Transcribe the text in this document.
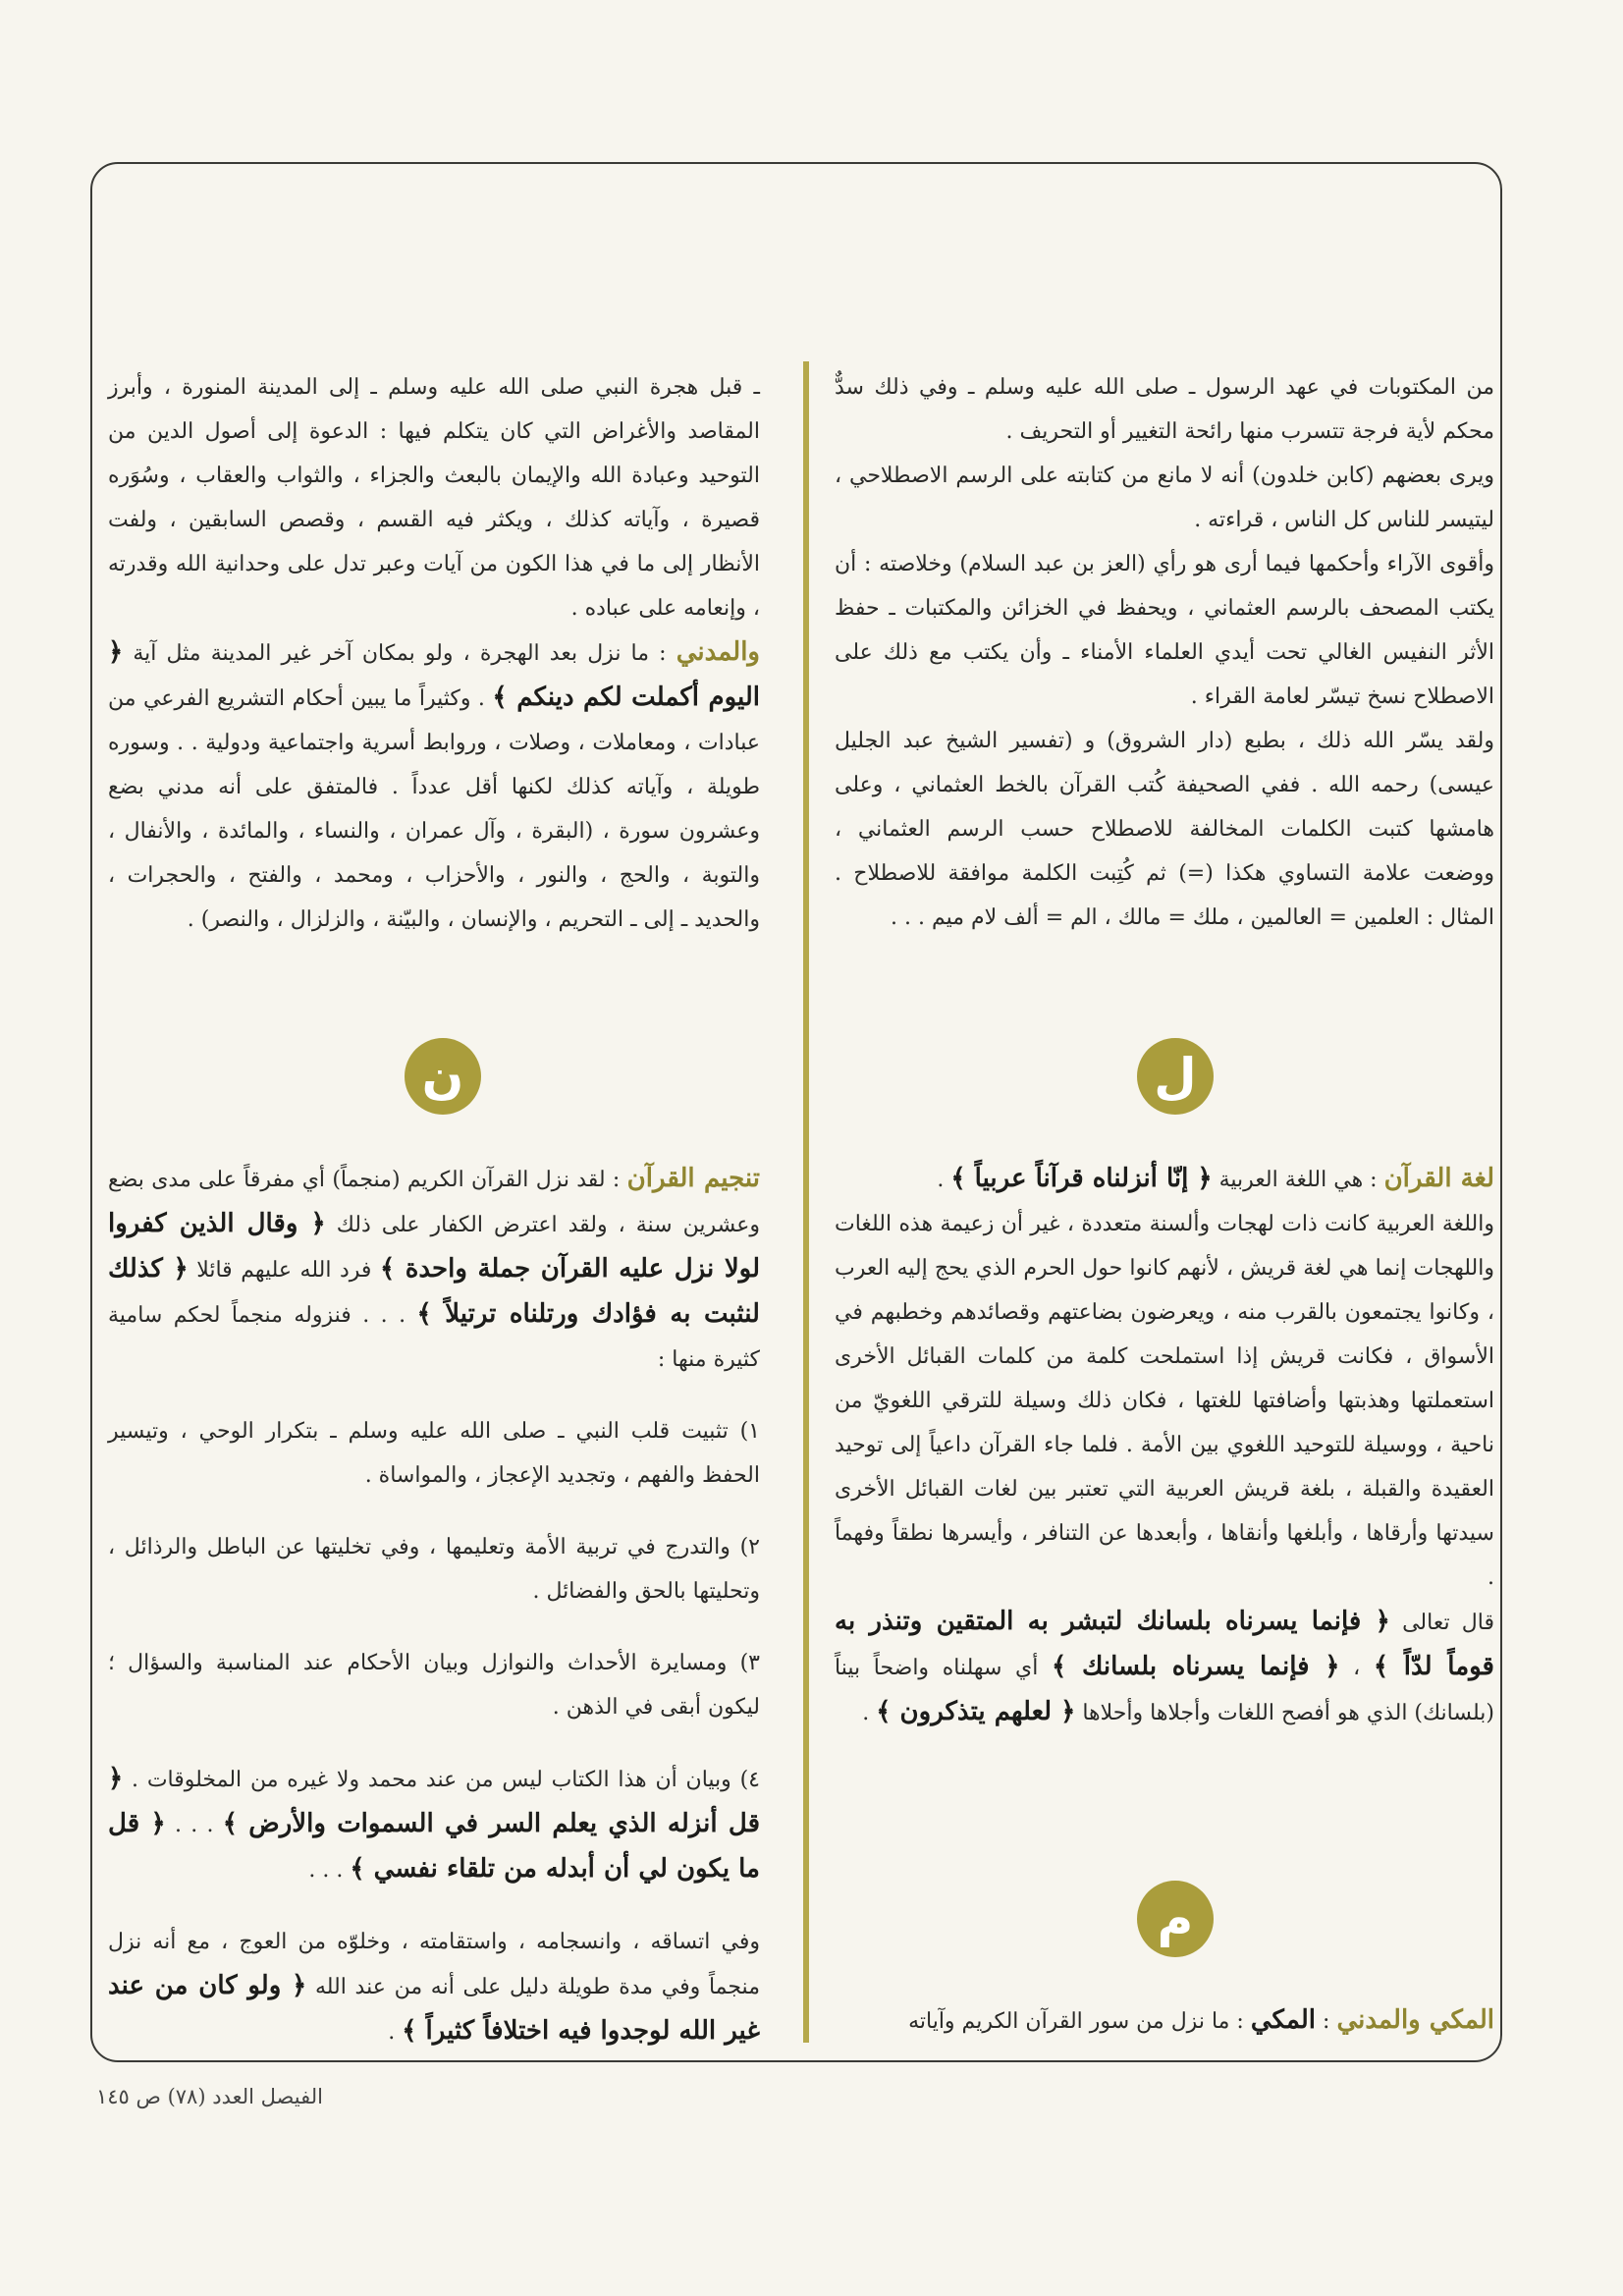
من المكتوبات في عهد الرسول ـ صلى الله عليه وسلم ـ وفي ذلك سدٌّ محكم لأية فرجة تتسرب منها رائحة التغيير أو التحريف .

ويرى بعضهم (كابن خلدون) أنه لا مانع من كتابته على الرسم الاصطلاحي ، ليتيسر للناس كل الناس ، قراءته .

وأقوى الآراء وأحكمها فيما أرى هو رأي (العز بن عبد السلام) وخلاصته : أن يكتب المصحف بالرسم العثماني ، ويحفظ في الخزائن والمكتبات ـ حفظ الأثر النفيس الغالي تحت أيدي العلماء الأمناء ـ وأن يكتب مع ذلك على الاصطلاح نسخ تيسّر لعامة القراء .

ولقد يسّر الله ذلك ، بطبع (دار الشروق) و (تفسير الشيخ عبد الجليل عيسى) رحمه الله . ففي الصحيفة كُتب القرآن بالخط العثماني ، وعلى هامشها كتبت الكلمات المخالفة للاصطلاح حسب الرسم العثماني ، ووضعت علامة التساوي هكذا (=) ثم كُتِبت الكلمة موافقة للاصطلاح . المثال : العلمين = العالمين ، ملك = مالك ، الم = ألف لام ميم . . .

ـ قبل هجرة النبي صلى الله عليه وسلم ـ إلى المدينة المنورة ، وأبرز المقاصد والأغراض التي كان يتكلم فيها : الدعوة إلى أصول الدين من التوحيد وعبادة الله والإيمان بالبعث والجزاء ، والثواب والعقاب ، وسُوَره قصيرة ، وآياته كذلك ، ويكثر فيه القسم ، وقصص السابقين ، ولفت الأنظار إلى ما في هذا الكون من آيات وعبر تدل على وحدانية الله وقدرته ، وإنعامه على عباده .

والمدني : ما نزل بعد الهجرة ، ولو بمكان آخر غير المدينة مثل آية ﴿ اليوم أكملت لكم دينكم ﴾ . وكثيراً ما يبين أحكام التشريع الفرعي من عبادات ، ومعاملات ، وصلات ، وروابط أسرية واجتماعية ودولية . . وسوره طويلة ، وآياته كذلك لكنها أقل عدداً . فالمتفق على أنه مدني بضع وعشرون سورة ، (البقرة ، وآل عمران ، والنساء ، والمائدة ، والأنفال ، والتوبة ، والحج ، والنور ، والأحزاب ، ومحمد ، والفتح ، والحجرات ، والحديد ـ إلى ـ التحريم ، والإنسان ، والبيّنة ، والزلزال ، والنصر) .

ل
ن
م

لغة القرآن : هي اللغة العربية ﴿ إنّا أنزلناه قرآناً عربياً ﴾ .

واللغة العربية كانت ذات لهجات وألسنة متعددة ، غير أن زعيمة هذه اللغات واللهجات إنما هي لغة قريش ، لأنهم كانوا حول الحرم الذي يحج إليه العرب ، وكانوا يجتمعون بالقرب منه ، ويعرضون بضاعتهم وقصائدهم وخطبهم في الأسواق ، فكانت قريش إذا استملحت كلمة من كلمات القبائل الأخرى استعملتها وهذبتها وأضافتها للغتها ، فكان ذلك وسيلة للترقي اللغويّ من ناحية ، ووسيلة للتوحيد اللغوي بين الأمة . فلما جاء القرآن داعياً إلى توحيد العقيدة والقبلة ، بلغة قريش العربية التي تعتبر بين لغات القبائل الأخرى سيدتها وأرقاها ، وأبلغها وأنقاها ، وأبعدها عن التنافر ، وأيسرها نطقاً وفهماً .

قال تعالى ﴿ فإنما يسرناه بلسانك لتبشر به المتقين وتنذر به قوماً لدّاً ﴾ ، ﴿ فإنما يسرناه بلسانك ﴾ أي سهلناه واضحاً بيناً (بلسانك) الذي هو أفصح اللغات وأجلاها وأحلاها ﴿ لعلهم يتذكرون ﴾ .

تنجيم القرآن : لقد نزل القرآن الكريم (منجماً) أي مفرقاً على مدى بضع وعشرين سنة ، ولقد اعترض الكفار على ذلك ﴿ وقال الذين كفروا لولا نزل عليه القرآن جملة واحدة ﴾ فرد الله عليهم قائلا ﴿ كذلك لنثبت به فؤادك ورتلناه ترتيلاً ﴾ . . . فنزوله منجماً لحكم سامية كثيرة منها :

١) تثبيت قلب النبي ـ صلى الله عليه وسلم ـ بتكرار الوحي ، وتيسير الحفظ والفهم ، وتجديد الإعجاز ، والمواساة .

٢) والتدرج في تربية الأمة وتعليمها ، وفي تخليتها عن الباطل والرذائل ، وتحليتها بالحق والفضائل .

٣) ومسايرة الأحداث والنوازل وبيان الأحكام عند المناسبة والسؤال ؛ ليكون أبقى في الذهن .

٤) وبيان أن هذا الكتاب ليس من عند محمد ولا غيره من المخلوقات . ﴿ قل أنزله الذي يعلم السر في السموات والأرض ﴾ . . . ﴿ قل ما يكون لي أن أبدله من تلقاء نفسي ﴾ . . .

وفي اتساقه ، وانسجامه ، واستقامته ، وخلوّه من العوج ، مع أنه نزل منجماً وفي مدة طويلة دليل على أنه من عند الله ﴿ ولو كان من عند غير الله لوجدوا فيه اختلافاً كثيراً ﴾ .	المكي والمدني : المكي : ما نزل من سور القرآن الكريم وآياته

الفيصل العدد (٧٨) ص ١٤٥
